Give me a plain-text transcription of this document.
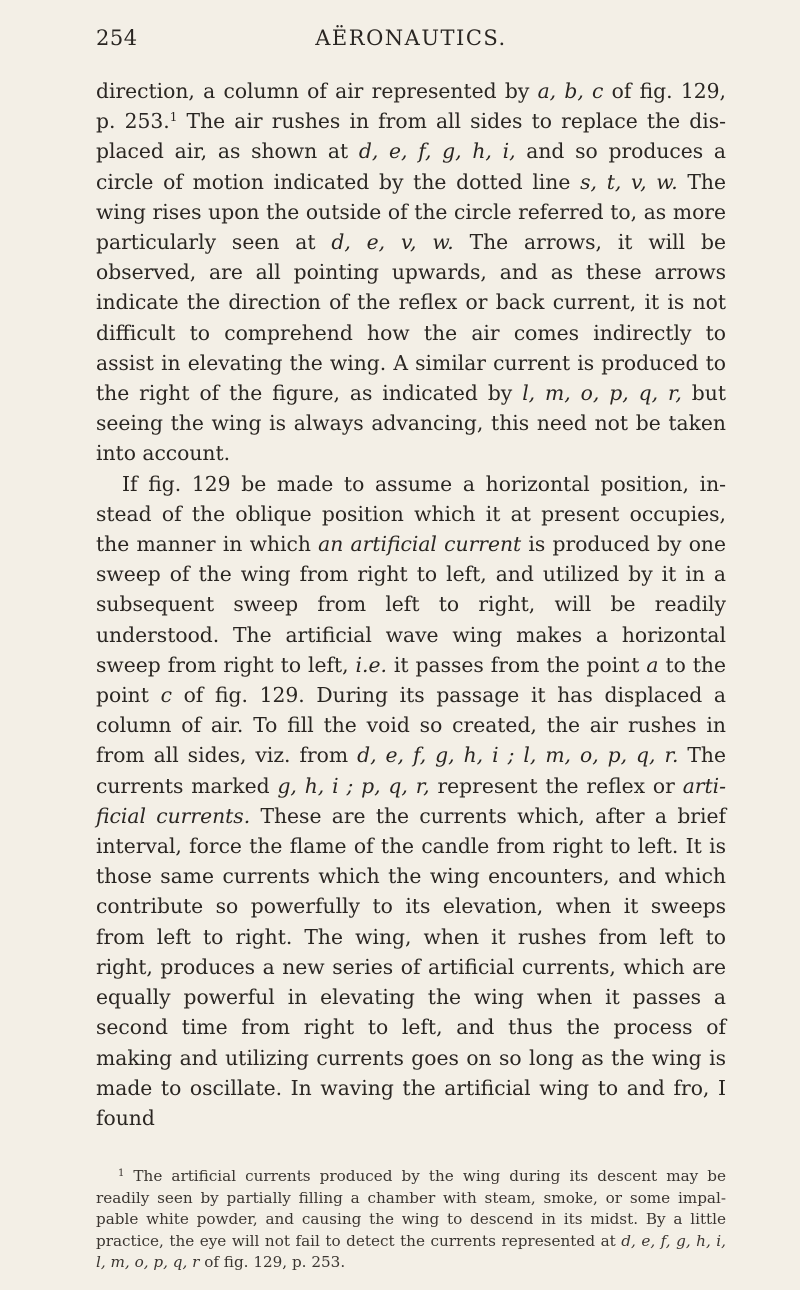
254	AËRONAUTICS.

direction, a column of air represented by a, b, c of fig. 129, p. 253.$^1$ The air rushes in from all sides to replace the displaced air, as shown at d, e, f, g, h, i, and so produces a circle of motion indicated by the dotted line s, t, v, w. The wing rises upon the outside of the circle referred to, as more particularly seen at d, e, v, w. The arrows, it will be observed, are all pointing upwards, and as these arrows indicate the direction of the reflex or back current, it is not difficult to comprehend how the air comes indirectly to assist in elevating the wing. A similar current is produced to the right of the figure, as indicated by l, m, o, p, q, r, but seeing the wing is always advancing, this need not be taken into account.

If fig. 129 be made to assume a horizontal position, instead of the oblique position which it at present occupies, the manner in which an artificial current is produced by one sweep of the wing from right to left, and utilized by it in a subsequent sweep from left to right, will be readily understood. The artificial wave wing makes a horizontal sweep from right to left, i.e. it passes from the point a to the point c of fig. 129. During its passage it has displaced a column of air. To fill the void so created, the air rushes in from all sides, viz. from d, e, f, g, h, i ; l, m, o, p, q, r. The currents marked g, h, i ; p, q, r, represent the reflex or artificial currents. These are the currents which, after a brief interval, force the flame of the candle from right to left. It is those same currents which the wing encounters, and which contribute so powerfully to its elevation, when it sweeps from left to right. The wing, when it rushes from left to right, produces a new series of artificial currents, which are equally powerful in elevating the wing when it passes a second time from right to left, and thus the process of making and utilizing currents goes on so long as the wing is made to oscillate. In waving the artificial wing to and fro, I found

$^1$ The artificial currents produced by the wing during its descent may be readily seen by partially filling a chamber with steam, smoke, or some impalpable white powder, and causing the wing to descend in its midst. By a little practice, the eye will not fail to detect the currents represented at d, e, f, g, h, i, l, m, o, p, q, r of fig. 129, p. 253.
